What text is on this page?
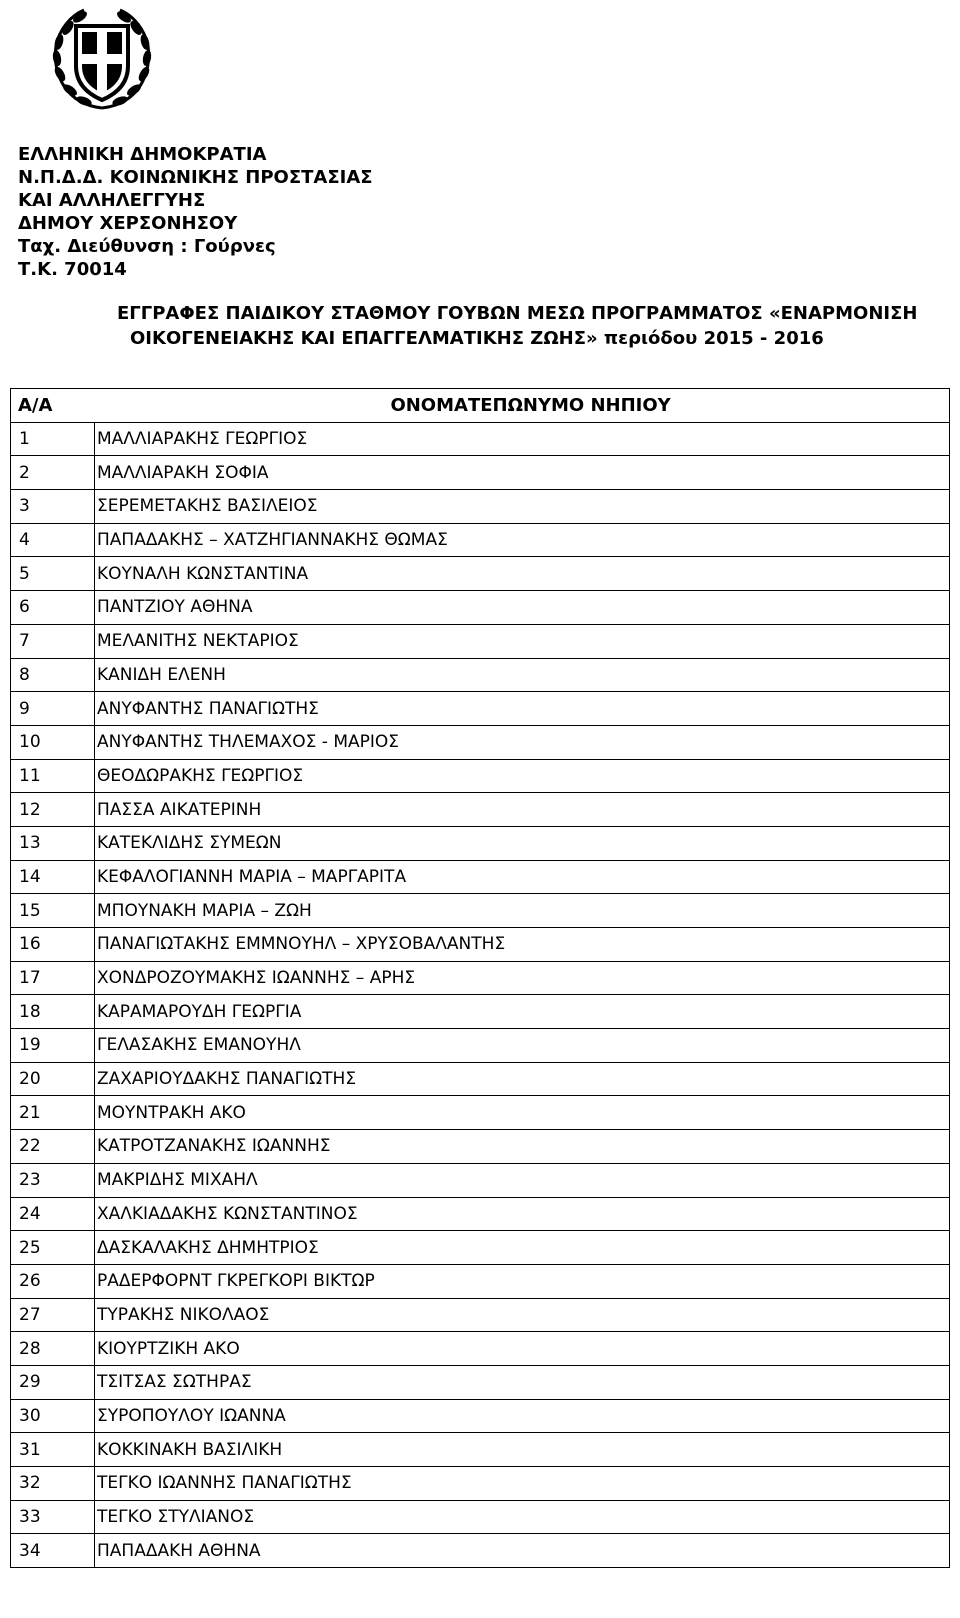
ΕΛΛΗΝΙΚΗ ΔΗΜΟΚΡΑΤΙΑ
Ν.Π.Δ.Δ. ΚΟΙΝΩΝΙΚΗΣ ΠΡΟΣΤΑΣΙΑΣ
ΚΑΙ ΑΛΛΗΛΕΓΓΥΗΣ
ΔΗΜΟΥ ΧΕΡΣΟΝΗΣΟΥ
Ταχ. Διεύθυνση : Γούρνες
Τ.Κ. 70014
ΕΓΓΡΑΦΕΣ ΠΑΙΔΙΚΟΥ ΣΤΑΘΜΟΥ ΓΟΥΒΩΝ ΜΕΣΩ ΠΡΟΓΡΑΜΜΑΤΟΣ «ΕΝΑΡΜΟΝΙΣΗ
ΟΙΚΟΓΕΝΕΙΑΚΗΣ ΚΑΙ ΕΠΑΓΓΕΛΜΑΤΙΚΗΣ ΖΩΗΣ» περιόδου 2015 - 2016
Α/Α ΟΝΟΜΑΤΕΠΩΝΥΜΟ ΝΗΠΙΟΥ	
1	ΜΑΛΛΙΑΡΑΚΗΣ ΓΕΩΡΓΙΟΣ
2	ΜΑΛΛΙΑΡΑΚΗ ΣΟΦΙΑ
3	ΣΕΡΕΜΕΤΑΚΗΣ ΒΑΣΙΛΕΙΟΣ
4	ΠΑΠΑΔΑΚΗΣ – ΧΑΤΖΗΓΙΑΝΝΑΚΗΣ ΘΩΜΑΣ
5	ΚΟΥΝΑΛΗ ΚΩΝΣΤΑΝΤΙΝΑ
6	ΠΑΝΤΖΙΟΥ ΑΘΗΝΑ
7	ΜΕΛΑΝΙΤΗΣ ΝΕΚΤΑΡΙΟΣ
8	ΚΑΝΙΔΗ ΕΛΕΝΗ
9	ΑΝΥΦΑΝΤΗΣ ΠΑΝΑΓΙΩΤΗΣ
10	ΑΝΥΦΑΝΤΗΣ ΤΗΛΕΜΑΧΟΣ - ΜΑΡΙΟΣ
11	ΘΕΟΔΩΡΑΚΗΣ ΓΕΩΡΓΙΟΣ
12	ΠΑΣΣΑ ΑΙΚΑΤΕΡΙΝΗ
13	ΚΑΤΕΚΛΙΔΗΣ ΣΥΜΕΩΝ
14	ΚΕΦΑΛΟΓΙΑΝΝΗ ΜΑΡΙΑ – ΜΑΡΓΑΡΙΤΑ
15	ΜΠΟΥΝΑΚΗ ΜΑΡΙΑ – ΖΩΗ
16	ΠΑΝΑΓΙΩΤΑΚΗΣ ΕΜΜΝΟΥΗΛ – ΧΡΥΣΟΒΑΛΑΝΤΗΣ
17	ΧΟΝΔΡΟΖΟΥΜΑΚΗΣ ΙΩΑΝΝΗΣ – ΑΡΗΣ
18	ΚΑΡΑΜΑΡΟΥΔΗ ΓΕΩΡΓΙΑ
19	ΓΕΛΑΣΑΚΗΣ ΕΜΑΝΟΥΗΛ
20	ΖΑΧΑΡΙΟΥΔΑΚΗΣ ΠΑΝΑΓΙΩΤΗΣ
21	ΜΟΥΝΤΡΑΚΗ ΑΚΟ
22	ΚΑΤΡΟΤΖΑΝΑΚΗΣ ΙΩΑΝΝΗΣ
23	ΜΑΚΡΙΔΗΣ ΜΙΧΑΗΛ
24	ΧΑΛΚΙΑΔΑΚΗΣ ΚΩΝΣΤΑΝΤΙΝΟΣ
25	ΔΑΣΚΑΛΑΚΗΣ ΔΗΜΗΤΡΙΟΣ
26	ΡΑΔΕΡΦΟΡΝΤ ΓΚΡΕΓΚΟΡΙ ΒΙΚΤΩΡ
27	ΤΥΡΑΚΗΣ ΝΙΚΟΛΑΟΣ
28	ΚΙΟΥΡΤΖΙΚΗ ΑΚΟ
29	ΤΣΙΤΣΑΣ ΣΩΤΗΡΑΣ
30	ΣΥΡΟΠΟΥΛΟΥ ΙΩΑΝΝΑ
31	ΚΟΚΚΙΝΑΚΗ ΒΑΣΙΛΙΚΗ
32	ΤΕΓΚΟ ΙΩΑΝΝΗΣ ΠΑΝΑΓΙΩΤΗΣ
33	ΤΕΓΚΟ ΣΤΥΛΙΑΝΟΣ
34	ΠΑΠΑΔΑΚΗ ΑΘΗΝΑ
